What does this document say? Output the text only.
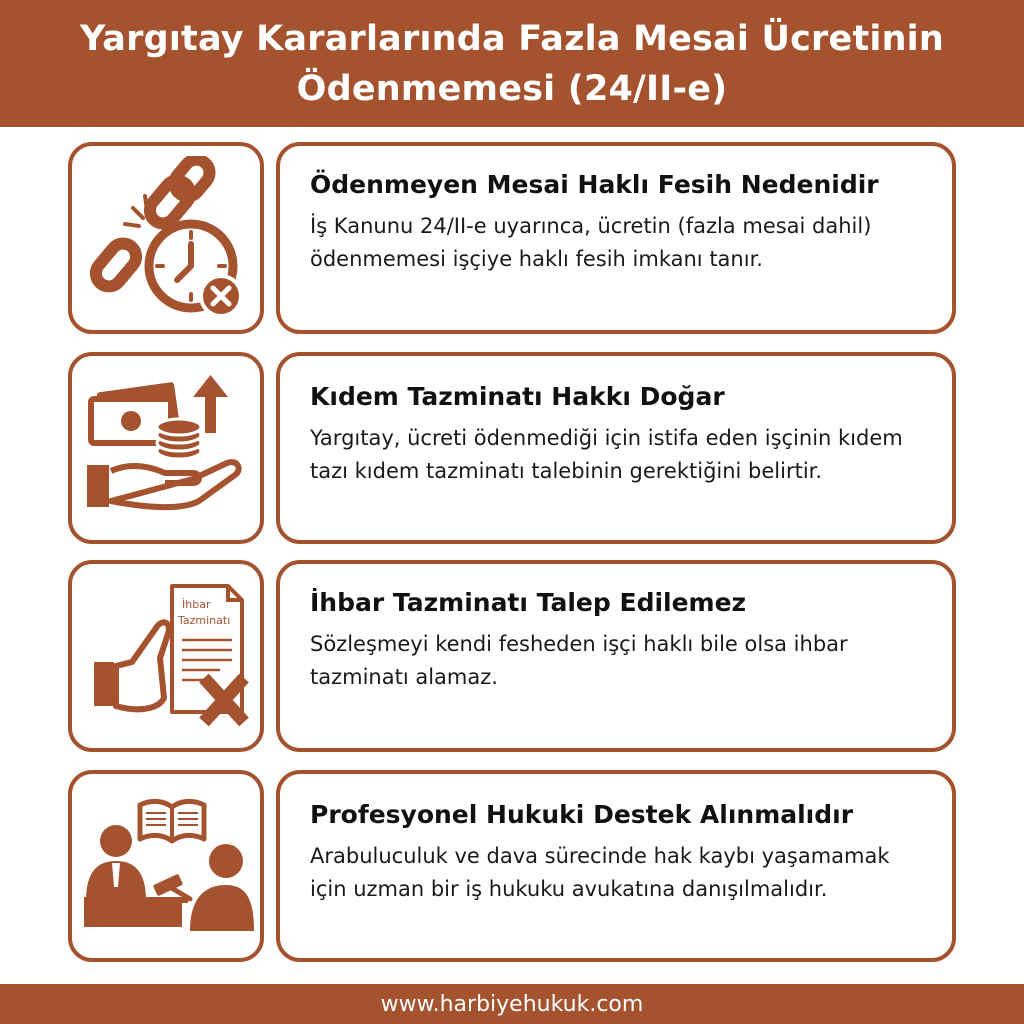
Yargıtay Kararlarında Fazla Mesai Ücretinin
Ödenmemesi (24/II-e)
Ödenmeyen Mesai Haklı Fesih Nedenidir
İş Kanunu 24/II-e uyarınca, ücretin (fazla mesai dahil) ödenmemesi işçiye haklı fesih imkanı tanır.
Kıdem Tazminatı Hakkı Doğar
Yargıtay, ücreti ödenmediği için istifa eden işçinin kıdem tazı kıdem tazminatı talebinin gerektiğini belirtir.
İhbar
Tazminatı
İhbar Tazminatı Talep Edilemez
Sözleşmeyi kendi fesheden işçi haklı bile olsa ihbar tazminatı alamaz.
Profesyonel Hukuki Destek Alınmalıdır
Arabuluculuk ve dava sürecinde hak kaybı yaşamamak için uzman bir iş hukuku avukatına danışılmalıdır.
www.harbiyehukuk.com
